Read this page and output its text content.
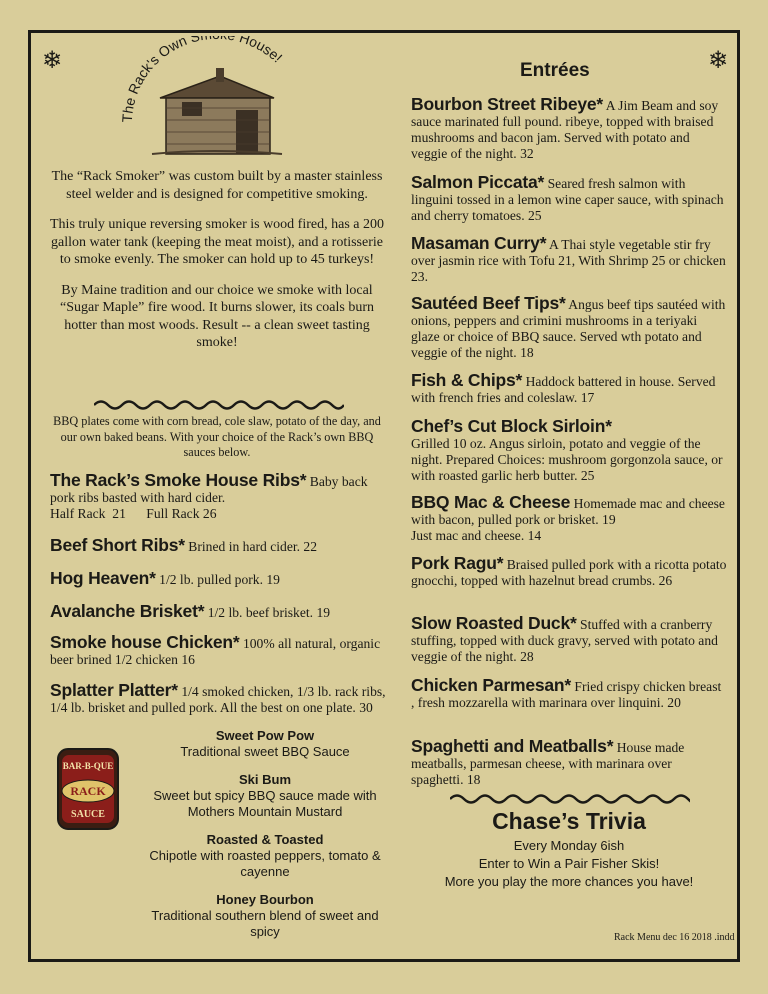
❄	❄
The Rack's Own S House!

The “Rack Smoker” was custom built by a master stainless steel welder and is designed for competitive smoking.

This truly unique reversing smoker is wood fired, has a 200 gallon water tank (keeping the meat moist), and a rotisserie to smoke evenly. The smoker can hold up to 45 turkeys!

By Maine tradition and our choice we smoke with local “Sugar Maple” fire wood. It burns slower, its coals burn hotter than most woods. Result -- a clean sweet tasting smoke!

BBQ plates come with corn bread, cole slaw, potato of the day, and our own baked beans. With your choice of the Rack’s own BBQ sauces below.
The Rack’s Smoke House Ribs* Baby back pork ribs basted with hard cider.
Half Rack  21      Full Rack 26
Beef Short Ribs* Brined in hard cider. 22
Hog Heaven* 1/2 lb. pulled pork. 19
Avalanche Brisket* 1/2 lb. beef brisket. 19
Smoke house Chicken* 100% all natural, organic beer brined 1/2 chicken 16
Splatter Platter* 1/4 smoked chicken, 1/3 lb. rack ribs, 1/4 lb. brisket and pulled pork. All the best on one plate. 30
BAR-B-QUE
RACK
SAUCE
Sweet Pow Pow
Traditional sweet BBQ Sauce
Ski Bum
Sweet but spicy BBQ sauce made with Mothers Mountain Mustard
Roasted & Toasted
Chipotle with roasted peppers, tomato & cayenne
Honey Bourbon
Traditional southern blend of sweet and spicy
Entrées
Bourbon Street Ribeye* A Jim Beam and soy sauce marinated full pound. ribeye, topped with braised mushrooms and bacon jam. Served with potato and veggie of the night. 32
Salmon Piccata* Seared fresh salmon with linguini tossed in a lemon wine caper sauce, with spinach and cherry tomatoes. 25
Masaman Curry* A Thai style vegetable stir fry over jasmin rice with Tofu 21, With Shrimp 25 or chicken 23.
Sautéed Beef Tips* Angus beef tips sautéed with onions, peppers and crimini mushrooms in a teriyaki glaze or choice of BBQ sauce. Served wth potato and veggie of the night. 18
Fish & Chips* Haddock battered in house. Served with french fries and coleslaw. 17
Chef’s Cut Block Sirloin*
Grilled 10 oz. Angus sirloin, potato and veggie of the night. Prepared Choices: mushroom gorgonzola sauce, or with roasted garlic herb butter. 25
BBQ Mac & Cheese Homemade mac and cheese with bacon, pulled pork or brisket. 19
Just mac and cheese. 14
Pork Ragu* Braised pulled pork with a ricotta potato gnocchi, topped with hazelnut bread crumbs. 26
Slow Roasted Duck* Stuffed with a cranberry stuffing, topped with duck gravy, served with potato and veggie of the night. 28
Chicken Parmesan* Fried crispy chicken breast , fresh mozzarella with marinara over linquini. 20
Spaghetti and Meatballs* House made meatballs, parmesan cheese, with marinara over spaghetti. 18
Chase’s Trivia
Every Monday 6ish
Enter to Win a Pair Fisher Skis!
More you play the more chances you have!
Rack Menu dec 16 2018 .indd
